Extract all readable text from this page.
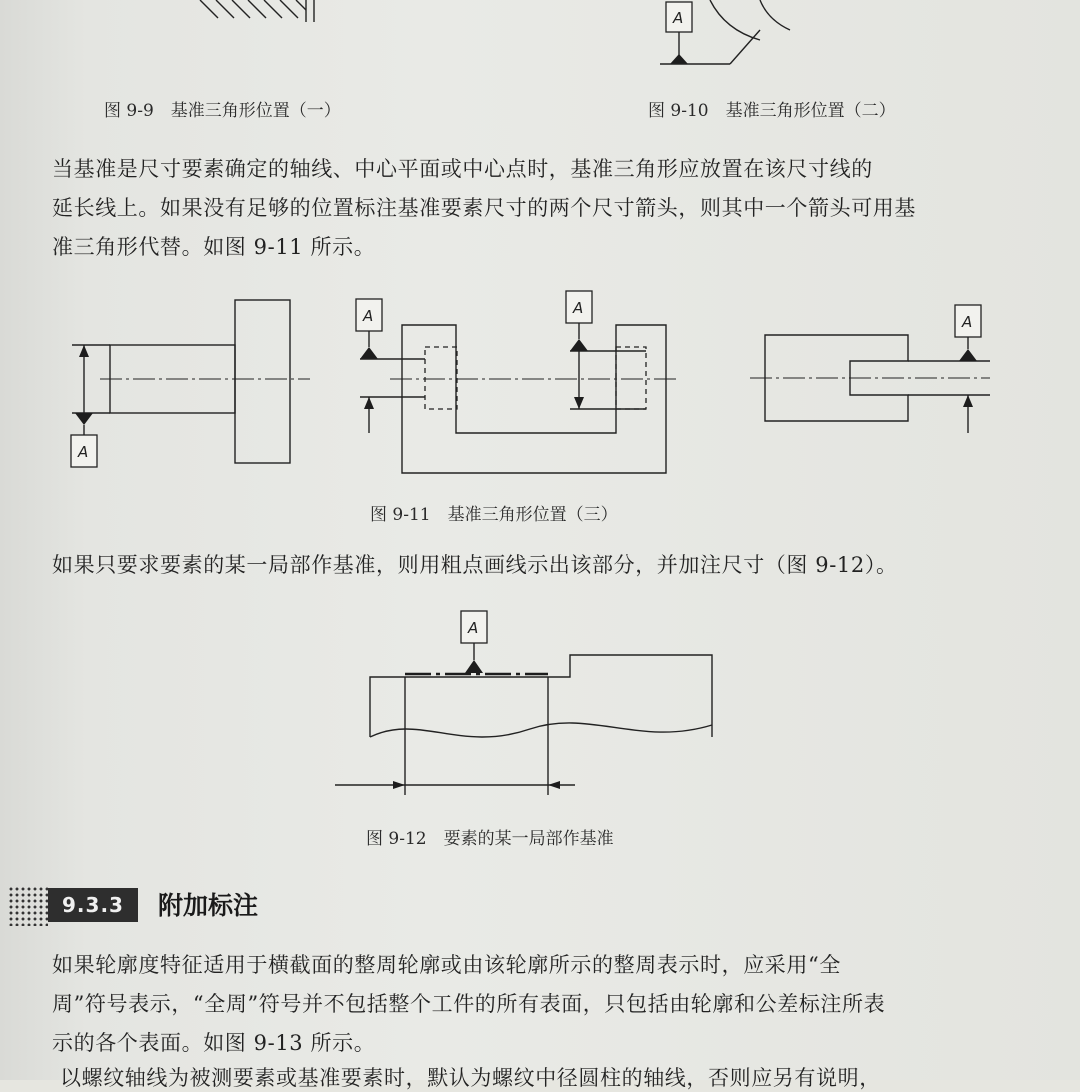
A
图 9-9　基准三角形位置（一）	图 9-10　基准三角形位置（二）
当基准是尺寸要素确定的轴线、中心平面或中心点时，基准三角形应放置在该尺寸线的
延长线上。如果没有足够的位置标注基准要素尺寸的两个尺寸箭头，则其中一个箭头可用基
准三角形代替。如图 9-11 所示。
A
A	A
A
图 9-11　基准三角形位置（三）
如果只要求要素的某一局部作基准，则用粗点画线示出该部分，并加注尺寸（图 9-12）。
A
图 9-12　要素的某一局部作基准
9.3.3	附加标注
如果轮廓度特征适用于横截面的整周轮廓或由该轮廓所示的整周表示时，应采用“全
周”符号表示，“全周”符号并不包括整个工件的所有表面，只包括由轮廓和公差标注所表
示的各个表面。如图 9-13 所示。
以螺纹轴线为被测要素或基准要素时，默认为螺纹中径圆柱的轴线，否则应另有说明，
